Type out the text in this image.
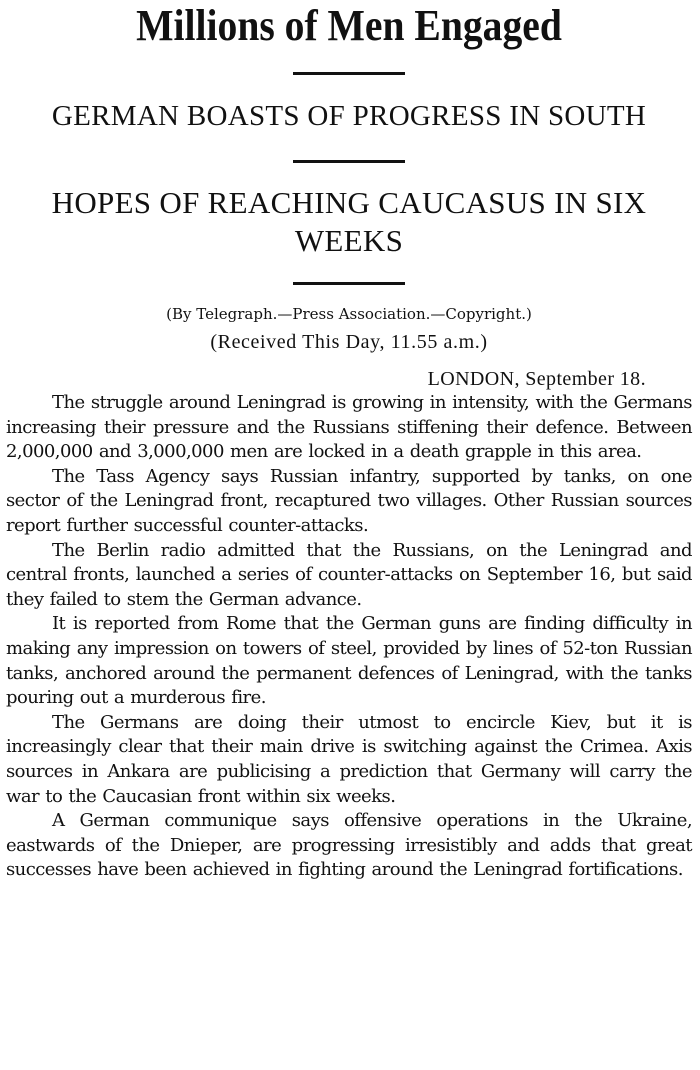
Millions of Men Engaged
GERMAN BOASTS OF PROGRESS IN SOUTH
HOPES OF REACHING CAUCASUS IN SIX WEEKS
(By Telegraph.—Press Association.—Copyright.)
(Received This Day, 11.55 a.m.)
LONDON, September 18.

The struggle around Leningrad is growing in intensity, with the Germans increasing their pressure and the Russians stiffening their defence. Between 2,000,000 and 3,000,000 men are locked in a death grapple in this area.

The Tass Agency says Russian infantry, supported by tanks, on one sector of the Leningrad front, recaptured two villages. Other Russian sources report further successful counter-attacks.

The Berlin radio admitted that the Russians, on the Leningrad and central fronts, launched a series of counter-attacks on September 16, but said they failed to stem the German advance.

It is reported from Rome that the German guns are finding difficulty in making any impression on towers of steel, provided by lines of 52-ton Russian tanks, anchored around the permanent defences of Leningrad, with the tanks pouring out a murderous fire.

The Germans are doing their utmost to encircle Kiev, but it is increasingly clear that their main drive is switching against the Crimea. Axis sources in Ankara are publicising a prediction that Germany will carry the war to the Caucasian front within six weeks.

A German communique says offensive operations in the Ukraine, eastwards of the Dnieper, are progressing irresistibly and adds that great successes have been achieved in fighting around the Leningrad fortifications.
